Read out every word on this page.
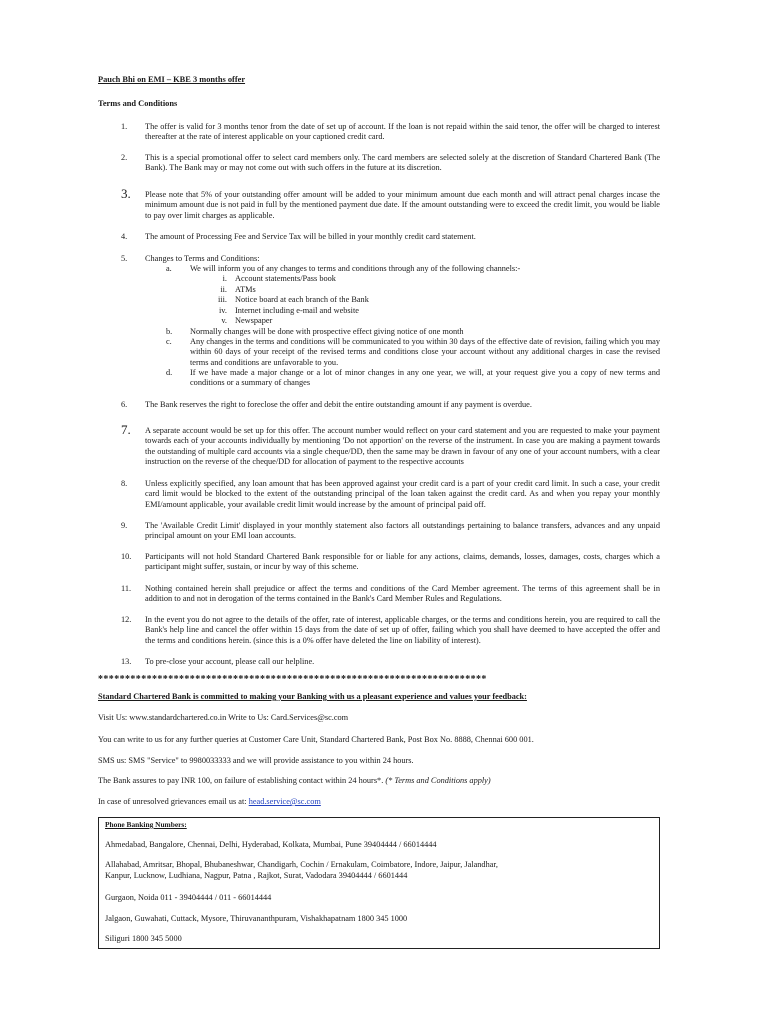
Pauch Bhi on EMI – KBE 3 months offer
Terms and Conditions
1.	The offer is valid for 3 months tenor from the date of set up of account. If the loan is not repaid within the said tenor, the offer will be charged to interest thereafter at the rate of interest applicable on your captioned credit card.
2.	This is a special promotional offer to select card members only. The card members are selected solely at the discretion of Standard Chartered Bank (The Bank). The Bank may or may not come out with such offers in the future at its discretion.
3.	Please note that 5% of your outstanding offer amount will be added to your minimum amount due each month and will attract penal charges incase the minimum amount due is not paid in full by the mentioned payment due date. If the amount outstanding were to exceed the credit limit, you would be liable to pay over limit charges as applicable.
4.	The amount of Processing Fee and Service Tax will be billed in your monthly credit card statement.
5.	Changes to Terms and Conditions:
a.	We will inform you of any changes to terms and conditions through any of the following channels:-
i. Account statements/Pass book
ii. ATMs
iii. Notice board at each branch of the Bank
iv. Internet including e-mail and website
v. Newspaper
b.	Normally changes will be done with prospective effect giving notice of one month
c.	Any changes in the terms and conditions will be communicated to you within 30 days of the effective date of revision, failing which you may within 60 days of your receipt of the revised terms and conditions close your account without any additional charges in case the revised terms and conditions are unfavorable to you.
d.	If we have made a major change or a lot of minor changes in any one year, we will, at your request give you a copy of new terms and conditions or a summary of changes
6.	The Bank reserves the right to foreclose the offer and debit the entire outstanding amount if any payment is overdue.
7.	A separate account would be set up for this offer. The account number would reflect on your card statement and you are requested to make your payment towards each of your accounts individually by mentioning 'Do not apportion' on the reverse of the instrument. In case you are making a payment towards the outstanding of multiple card accounts via a single cheque/DD, then the same may be drawn in favour of any one of your account numbers, with a clear instruction on the reverse of the cheque/DD for allocation of payment to the respective accounts
8.	Unless explicitly specified, any loan amount that has been approved against your credit card is a part of your credit card limit. In such a case, your credit card limit would be blocked to the extent of the outstanding principal of the loan taken against the credit card. As and when you repay your monthly EMI/amount applicable, your available credit limit would increase by the amount of principal paid off.
9.	The 'Available Credit Limit' displayed in your monthly statement also factors all outstandings pertaining to balance transfers, advances and any unpaid principal amount on your EMI loan accounts.
10.	Participants will not hold Standard Chartered Bank responsible for or liable for any actions, claims, demands, losses, damages, costs, charges which a participant might suffer, sustain, or incur by way of this scheme.
11.	Nothing contained herein shall prejudice or affect the terms and conditions of the Card Member agreement. The terms of this agreement shall be in addition to and not in derogation of the terms contained in the Bank's Card Member Rules and Regulations.
12.	In the event you do not agree to the details of the offer, rate of interest, applicable charges, or the terms and conditions herein, you are required to call the Bank's help line and cancel the offer within 15 days from the date of set up of offer, failing which you shall have deemed to have accepted the offer and the terms and conditions herein. (since this is a 0% offer have deleted the line on liability of interest).
13.	To pre-close your account, please call our helpline.
************************************************************************
Standard Chartered Bank is committed to making your Banking with us a pleasant experience and values your feedback:
Visit Us: www.standardchartered.co.in Write to Us: Card.Services@sc.com
You can write to us for any further queries at Customer Care Unit, Standard Chartered Bank, Post Box No. 8888, Chennai 600 001.
SMS us: SMS "Service" to 9980033333 and we will provide assistance to you within 24 hours.
The Bank assures to pay INR 100, on failure of establishing contact within 24 hours*. (* Terms and Conditions apply)
In case of unresolved grievances email us at: head.service@sc.com
Phone Banking Numbers:
Ahmedabad, Bangalore, Chennai, Delhi, Hyderabad, Kolkata, Mumbai, Pune 39404444 / 66014444
Allahabad, Amritsar, Bhopal, Bhubaneshwar, Chandigarh, Cochin / Ernakulam, Coimbatore, Indore, Jaipur, Jalandhar,
Kanpur, Lucknow, Ludhiana, Nagpur, Patna , Rajkot, Surat, Vadodara 39404444 / 6601444
Gurgaon, Noida 011 - 39404444 / 011 - 66014444
Jalgaon, Guwahati, Cuttack, Mysore, Thiruvananthpuram, Vishakhapatnam 1800 345 1000
Siliguri 1800 345 5000
